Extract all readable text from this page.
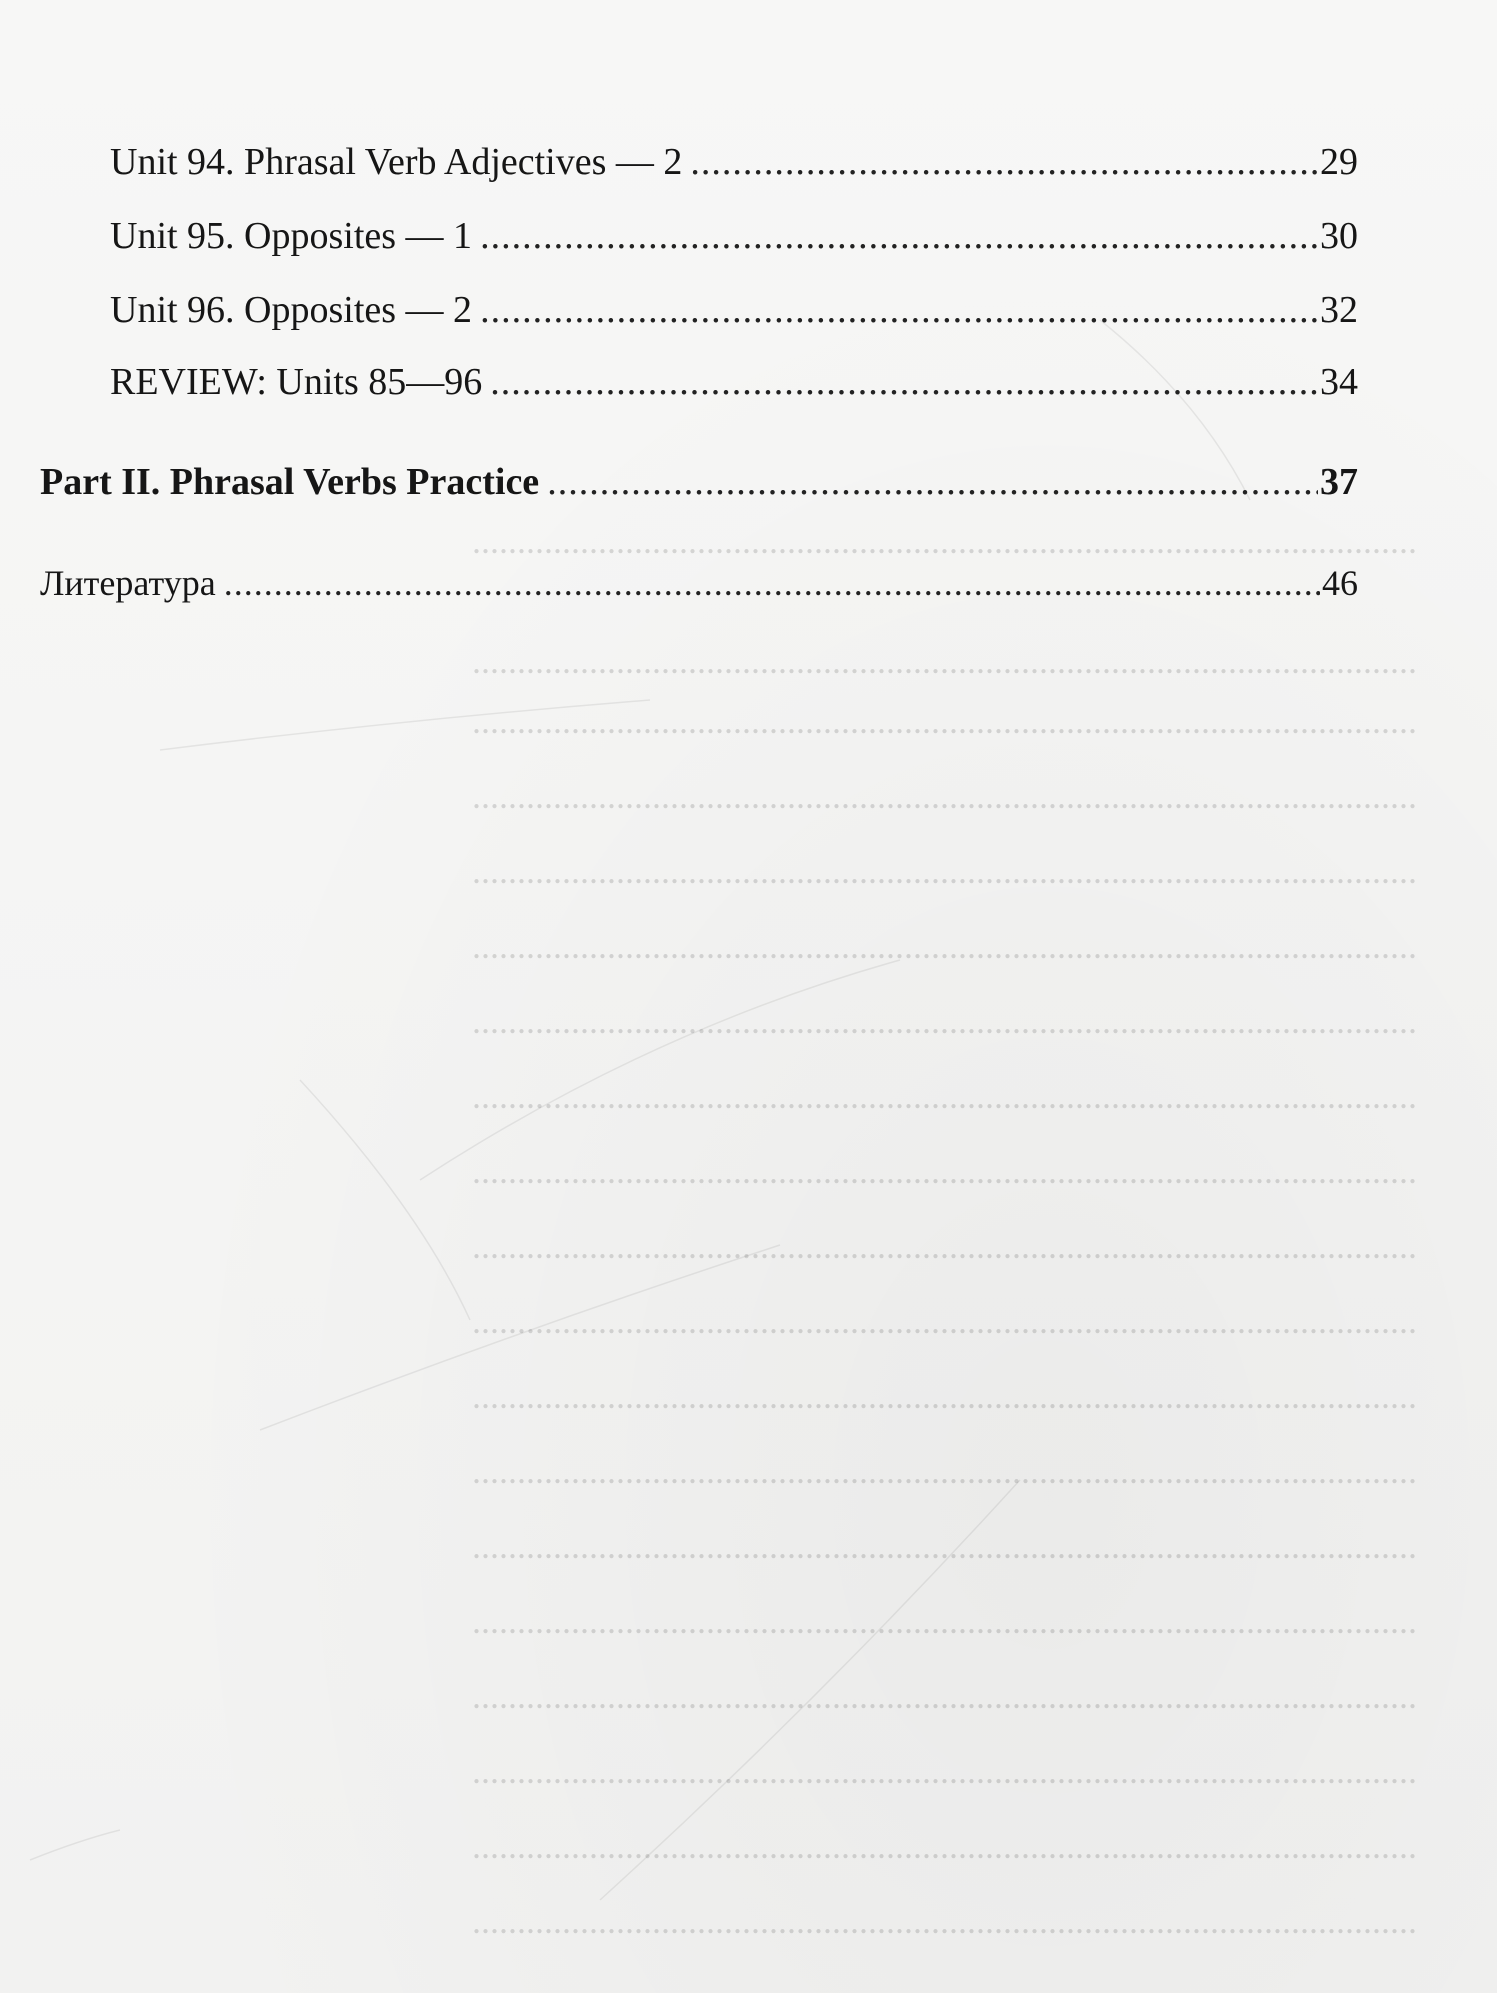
.........................................................................................................
.........................................................................................................
.........................................................................................................
.........................................................................................................
.........................................................................................................
.........................................................................................................
.........................................................................................................
.........................................................................................................
.........................................................................................................
.........................................................................................................
.........................................................................................................
.........................................................................................................
.........................................................................................................
.........................................................................................................
.........................................................................................................
.........................................................................................................
.........................................................................................................
.........................................................................................................
.........................................................................................................
Unit 94. Phrasal Verb Adjectives — 2 .....	29
Unit 95. Opposites — 1 .....	30
Unit 96. Opposites — 2 .....	32
REVIEW: Units 85—96 .....	34
Part II. Phrasal Verbs Practice .....	37
Литература .....	46
